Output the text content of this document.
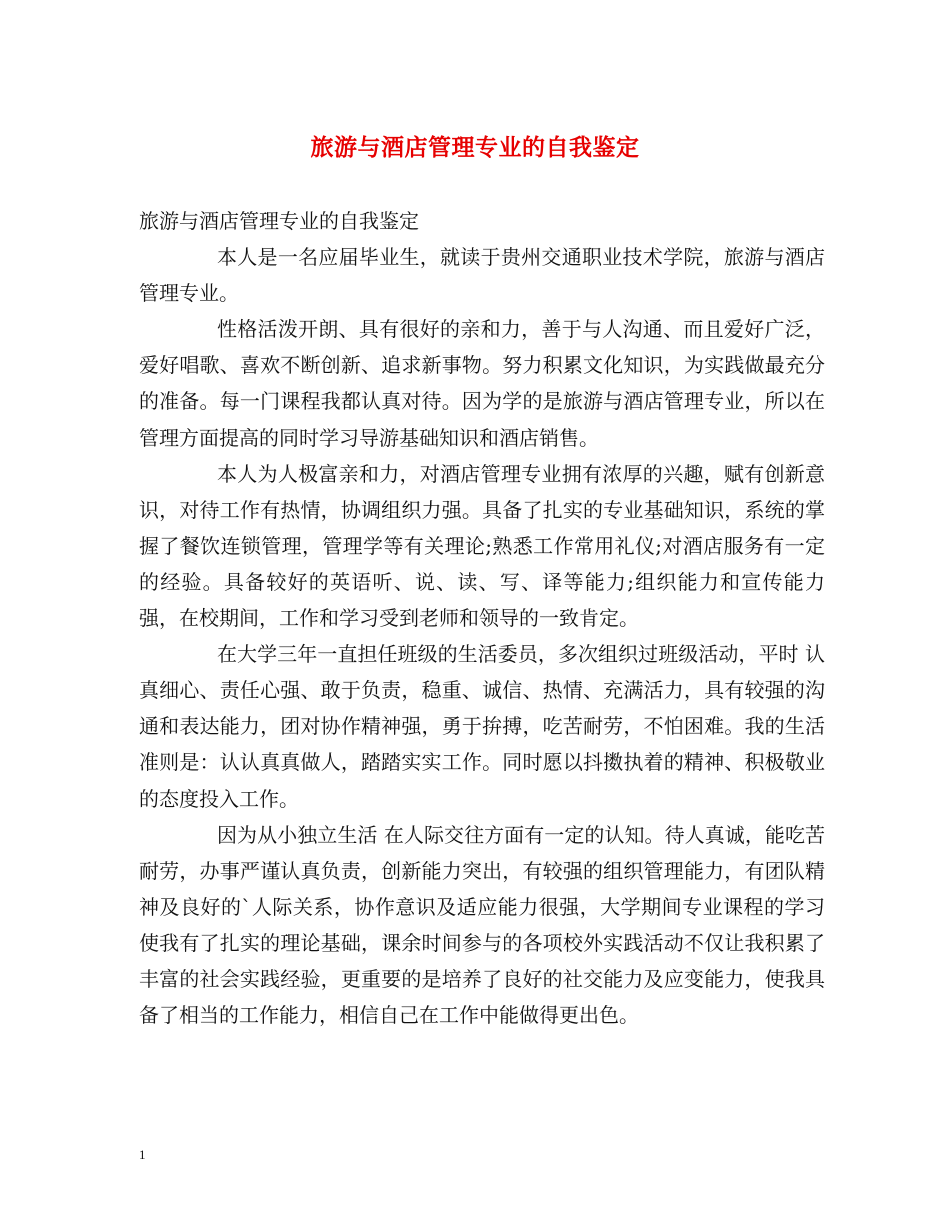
旅游与酒店管理专业的自我鉴定

旅游与酒店管理专业的自我鉴定

本人是一名应届毕业生，就读于贵州交通职业技术学院，旅游与酒店管理专业。

性格活泼开朗、具有很好的亲和力，善于与人沟通、而且爱好广泛，爱好唱歌、喜欢不断创新、追求新事物。努力积累文化知识，为实践做最充分的准备。每一门课程我都认真对待。因为学的是旅游与酒店管理专业，所以在管理方面提高的同时学习导游基础知识和酒店销售。

本人为人极富亲和力，对酒店管理专业拥有浓厚的兴趣，赋有创新意识，对待工作有热情，协调组织力强。具备了扎实的专业基础知识，系统的掌握了餐饮连锁管理，管理学等有关理论;熟悉工作常用礼仪;对酒店服务有一定的经验。具备较好的英语听、说、读、写、译等能力;组织能力和宣传能力强，在校期间，工作和学习受到老师和领导的一致肯定。

在大学三年一直担任班级的生活委员，多次组织过班级活动，平时 认真细心、责任心强、敢于负责，稳重、诚信、热情、充满活力，具有较强的沟通和表达能力，团对协作精神强，勇于拚搏，吃苦耐劳，不怕困难。我的生活准则是：认认真真做人，踏踏实实工作。同时愿以抖擞执着的精神、积极敬业的态度投入工作。

因为从小独立生活 在人际交往方面有一定的认知。待人真诚，能吃苦耐劳，办事严谨认真负责，创新能力突出，有较强的组织管理能力，有团队精神及良好的`人际关系，协作意识及适应能力很强，大学期间专业课程的学习使我有了扎实的理论基础，课余时间参与的各项校外实践活动不仅让我积累了丰富的社会实践经验，更重要的是培养了良好的社交能力及应变能力，使我具备了相当的工作能力，相信自己在工作中能做得更出色。

1
